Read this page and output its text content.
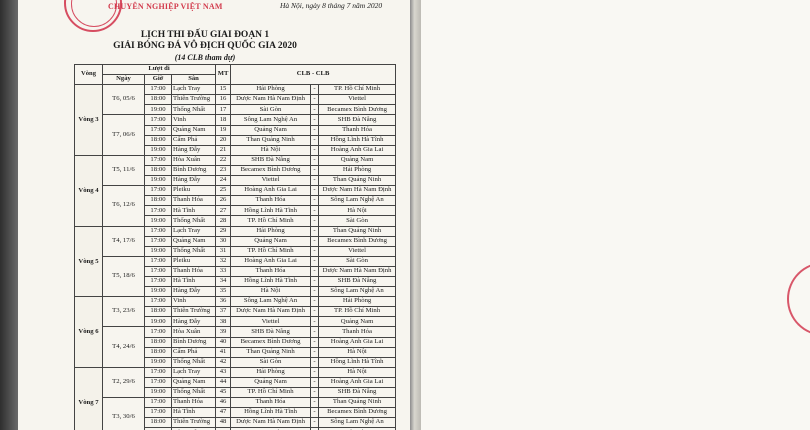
CHUYÊN NGHIỆP VIỆT NAM	Hà Nội, ngày 8 tháng 7 năm 2020
LỊCH THI ĐẤU GIAI ĐOẠN 1
GIẢI BÓNG ĐÁ VÔ ĐỊCH QUỐC GIA 2020
(14 CLB tham dự)
Vòng	Lượt đi			MT	CLB - CLB		
	Ngày	Giờ	Sân				
Vòng 3	T6, 05/6	17:00	Lạch Tray	15	Hải Phòng	-	TP. Hồ Chí Minh
		18:00	Thiên Trường	16	Dược Nam Hà Nam Định	-	Viettel
		19:00	Thống Nhất	17	Sài Gòn	-	Becamex Bình Dương
	T7, 06/6	17:00	Vinh	18	Sông Lam Nghệ An	-	SHB Đà Nẵng
		17:00	Quảng Nam	19	Quảng Nam	-	Thanh Hóa
		18:00	Cẩm Phả	20	Than Quảng Ninh	-	Hồng Lĩnh Hà Tĩnh
		19:00	Hàng Đẫy	21	Hà Nội	-	Hoàng Anh Gia Lai
Vòng 4	T5, 11/6	17:00	Hòa Xuân	22	SHB Đà Nẵng	-	Quảng Nam
		18:00	Bình Dương	23	Becamex Bình Dương	-	Hải Phòng
		19:00	Hàng Đẫy	24	Viettel	-	Than Quảng Ninh
	T6, 12/6	17:00	Pleiku	25	Hoàng Anh Gia Lai	-	Dược Nam Hà Nam Định
		18:00	Thanh Hóa	26	Thanh Hóa	-	Sông Lam Nghệ An
		17:00	Hà Tĩnh	27	Hồng Lĩnh Hà Tĩnh	-	Hà Nội
		19:00	Thống Nhất	28	TP. Hồ Chí Minh	-	Sài Gòn
Vòng 5	T4, 17/6	17:00	Lạch Tray	29	Hải Phòng	-	Than Quảng Ninh
		17:00	Quảng Nam	30	Quảng Nam	-	Becamex Bình Dương
		19:00	Thống Nhất	31	TP. Hồ Chí Minh	-	Viettel
	T5, 18/6	17:00	Pleiku	32	Hoàng Anh Gia Lai	-	Sài Gòn
		17:00	Thanh Hóa	33	Thanh Hóa	-	Dược Nam Hà Nam Định
		17:00	Hà Tĩnh	34	Hồng Lĩnh Hà Tĩnh	-	SHB Đà Nẵng
		19:00	Hàng Đẫy	35	Hà Nội	-	Sông Lam Nghệ An
Vòng 6	T3, 23/6	17:00	Vinh	36	Sông Lam Nghệ An	-	Hải Phòng
		18:00	Thiên Trường	37	Dược Nam Hà Nam Định	-	TP. Hồ Chí Minh
		19:00	Hàng Đẫy	38	Viettel	-	Quảng Nam
	T4, 24/6	17:00	Hòa Xuân	39	SHB Đà Nẵng	-	Thanh Hóa
		18:00	Bình Dương	40	Becamex Bình Dương	-	Hoàng Anh Gia Lai
		18:00	Cẩm Phả	41	Than Quảng Ninh	-	Hà Nội
		19:00	Thống Nhất	42	Sài Gòn	-	Hồng Lĩnh Hà Tĩnh
Vòng 7	T2, 29/6	17:00	Lạch Tray	43	Hải Phòng	-	Hà Nội
		17:00	Quảng Nam	44	Quảng Nam	-	Hoàng Anh Gia Lai
		19:00	Thống Nhất	45	TP. Hồ Chí Minh	-	SHB Đà Nẵng
	T3, 30/6	17:00	Thanh Hóa	46	Thanh Hóa	-	Than Quảng Ninh
		17:00	Hà Tĩnh	47	Hồng Lĩnh Hà Tĩnh	-	Becamex Bình Dương
		18:00	Thiên Trường	48	Dược Nam Hà Nam Định	-	Sông Lam Nghệ An
